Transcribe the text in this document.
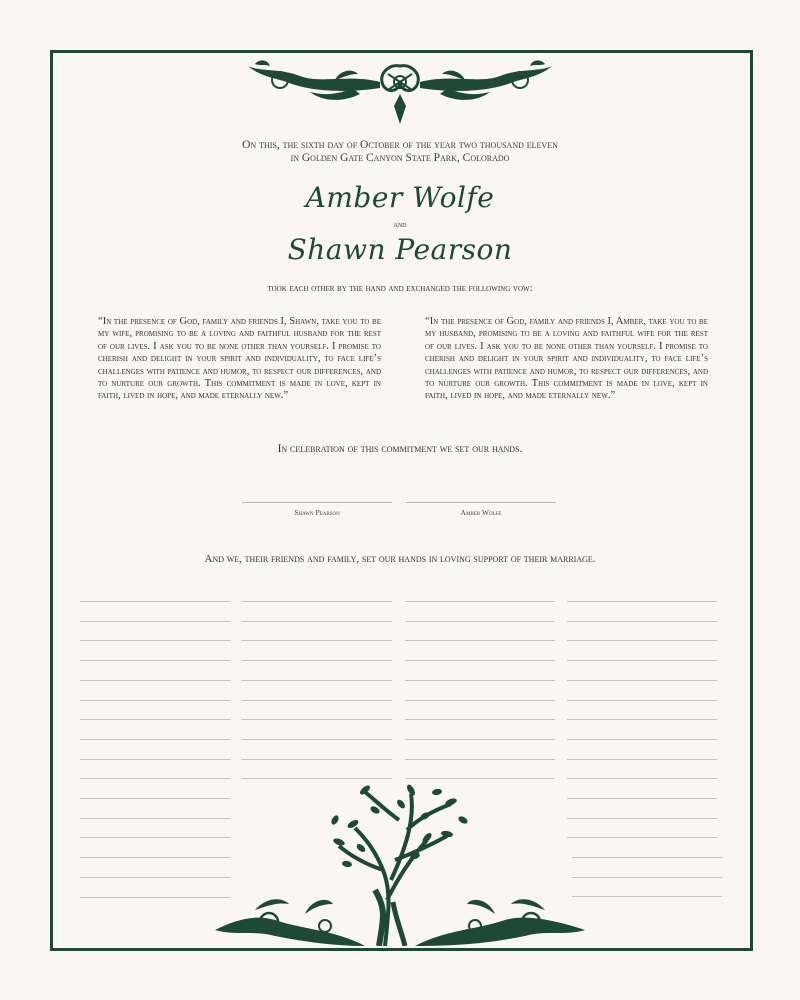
On this, the sixth day of October of the year two thousand eleven
in Golden Gate Canyon State Park, Colorado
Amber Wolfe
and
Shawn Pearson
took each other by the hand and exchanged the following vow:
“In the presence of God, family and friends I, Shawn, take you to be my wife, promising to be a loving and faithful husband for the rest of our lives. I ask you to be none other than yourself. I promise to cherish and delight in your spirit and individuality, to face life’s challenges with patience and humor, to respect our differences, and to nurture our growth. This commitment is made in love, kept in faith, lived in hope, and made eternally new.”
“In the presence of God, family and friends I, Amber, take you to be my husband, promising to be a loving and faithful wife for the rest of our lives. I ask you to be none other than yourself. I promise to cherish and delight in your spirit and individuality, to face life’s challenges with patience and humor, to respect our differences, and to nurture our growth. This commitment is made in love, kept in faith, lived in hope, and made eternally new.”
In celebration of this commitment we set our hands.
Shawn Pearson	Amber Wolfe
And we, their friends and family, set our hands in loving support of their marriage.
